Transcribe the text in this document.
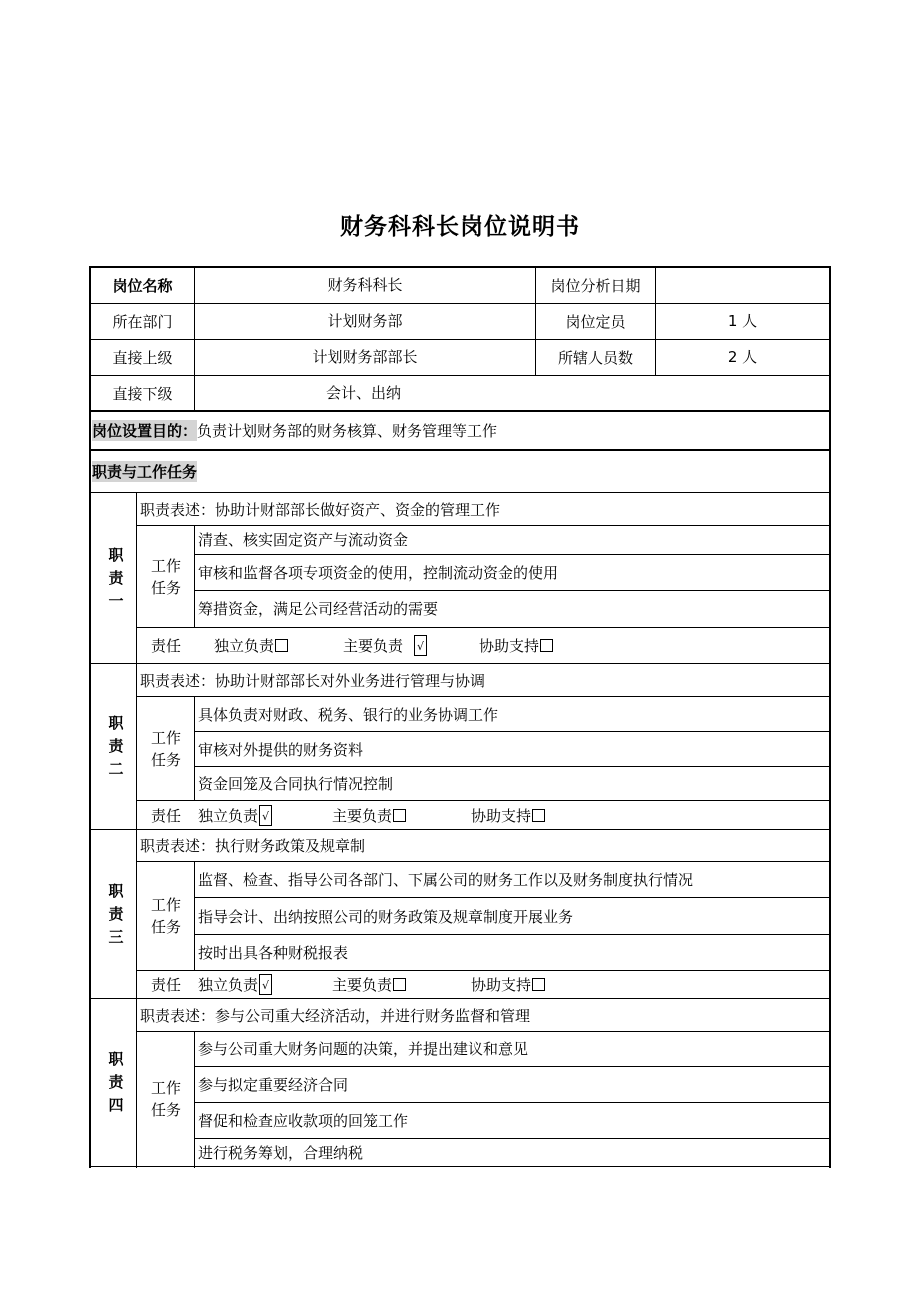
财务科科长岗位说明书
岗位名称	财务科科长	岗位分析日期
所在部门	计划财务部	岗位定员	1 人
直接上级	计划财务部部长	所辖人员数	2 人
直接下级	会计、出纳
岗位设置目的： 负责计划财务部的财务核算、财务管理等工作
职责与工作任务
职
责
一
职责表述：协助计财部部长做好资产、资金的管理工作
工作
任务
清查、核实固定资产与流动资金
审核和监督各项专项资金的使用，控制流动资金的使用
筹措资金，满足公司经营活动的需要
责任	独立负责	主要负责 √	协助支持
职
责
二
职责表述：协助计财部部长对外业务进行管理与协调
工作
任务
具体负责对财政、税务、银行的业务协调工作
审核对外提供的财务资料
资金回笼及合同执行情况控制
责任	独立负责 √	主要负责	协助支持
职
责
三
职责表述：执行财务政策及规章制
工作
任务
监督、检查、指导公司各部门、下属公司的财务工作以及财务制度执行情况
指导会计、出纳按照公司的财务政策及规章制度开展业务
按时出具各种财税报表
责任	独立负责 √	主要负责	协助支持
职
责
四
职责表述：参与公司重大经济活动，并进行财务监督和管理
工作
任务
参与公司重大财务问题的决策，并提出建议和意见
参与拟定重要经济合同
督促和检查应收款项的回笼工作
进行税务筹划，合理纳税
